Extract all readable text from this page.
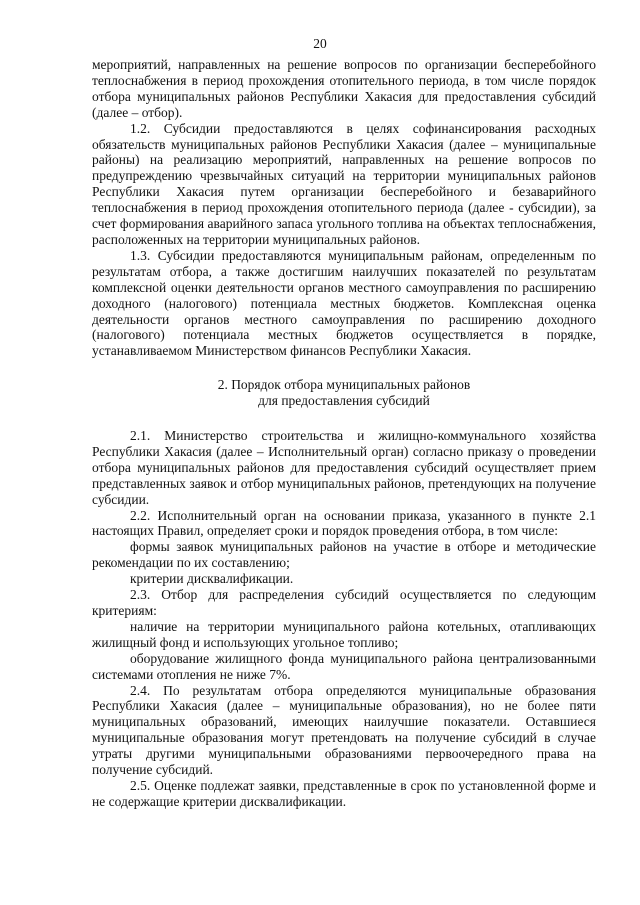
20

мероприятий, направленных на решение вопросов по организации бесперебойного теплоснабжения в период прохождения отопительного периода, в том числе порядок отбора муниципальных районов Республики Хакасия для предоставления субсидий (далее – отбор).

1.2. Субсидии предоставляются в целях софинансирования расходных обязательств муниципальных районов Республики Хакасия (далее – муниципальные районы) на реализацию мероприятий, направленных на решение вопросов по предупреждению чрезвычайных ситуаций на территории муниципальных районов Республики Хакасия путем организации бесперебойного и безаварийного теплоснабжения в период прохождения отопительного периода (далее - субсидии), за счет формирования аварийного запаса угольного топлива на объектах теплоснабжения, расположенных на территории муниципальных районов.

1.3. Субсидии предоставляются муниципальным районам, определенным по результатам отбора, а также достигшим наилучших показателей по результатам комплексной оценки деятельности органов местного самоуправления по расширению доходного (налогового) потенциала местных бюджетов. Комплексная оценка деятельности органов местного самоуправления по расширению доходного (налогового) потенциала местных бюджетов осуществляется в порядке, устанавливаемом Министерством финансов Республики Хакасия.

2. Порядок отбора муниципальных районов
для предоставления субсидий

2.1. Министерство строительства и жилищно-коммунального хозяйства Республики Хакасия (далее – Исполнительный орган) согласно приказу о проведении отбора муниципальных районов для предоставления субсидий осуществляет прием представленных заявок и отбор муниципальных районов, претендующих на получение субсидии.

2.2. Исполнительный орган на основании приказа, указанного в пункте 2.1 настоящих Правил, определяет сроки и порядок проведения отбора, в том числе:

формы заявок муниципальных районов на участие в отборе и методические рекомендации по их составлению;

критерии дисквалификации.

2.3. Отбор для распределения субсидий осуществляется по следующим критериям:

наличие на территории муниципального района котельных, отапливающих жилищный фонд и использующих угольное топливо;

оборудование жилищного фонда муниципального района централизованными системами отопления не ниже 7%.

2.4. По результатам отбора определяются муниципальные образования Республики Хакасия (далее – муниципальные образования), но не более пяти муниципальных образований, имеющих наилучшие показатели. Оставшиеся муниципальные образования могут претендовать на получение субсидий в случае утраты другими муниципальными образованиями первоочередного права на получение субсидий.

2.5. Оценке подлежат заявки, представленные в срок по установленной форме и не содержащие критерии дисквалификации.
